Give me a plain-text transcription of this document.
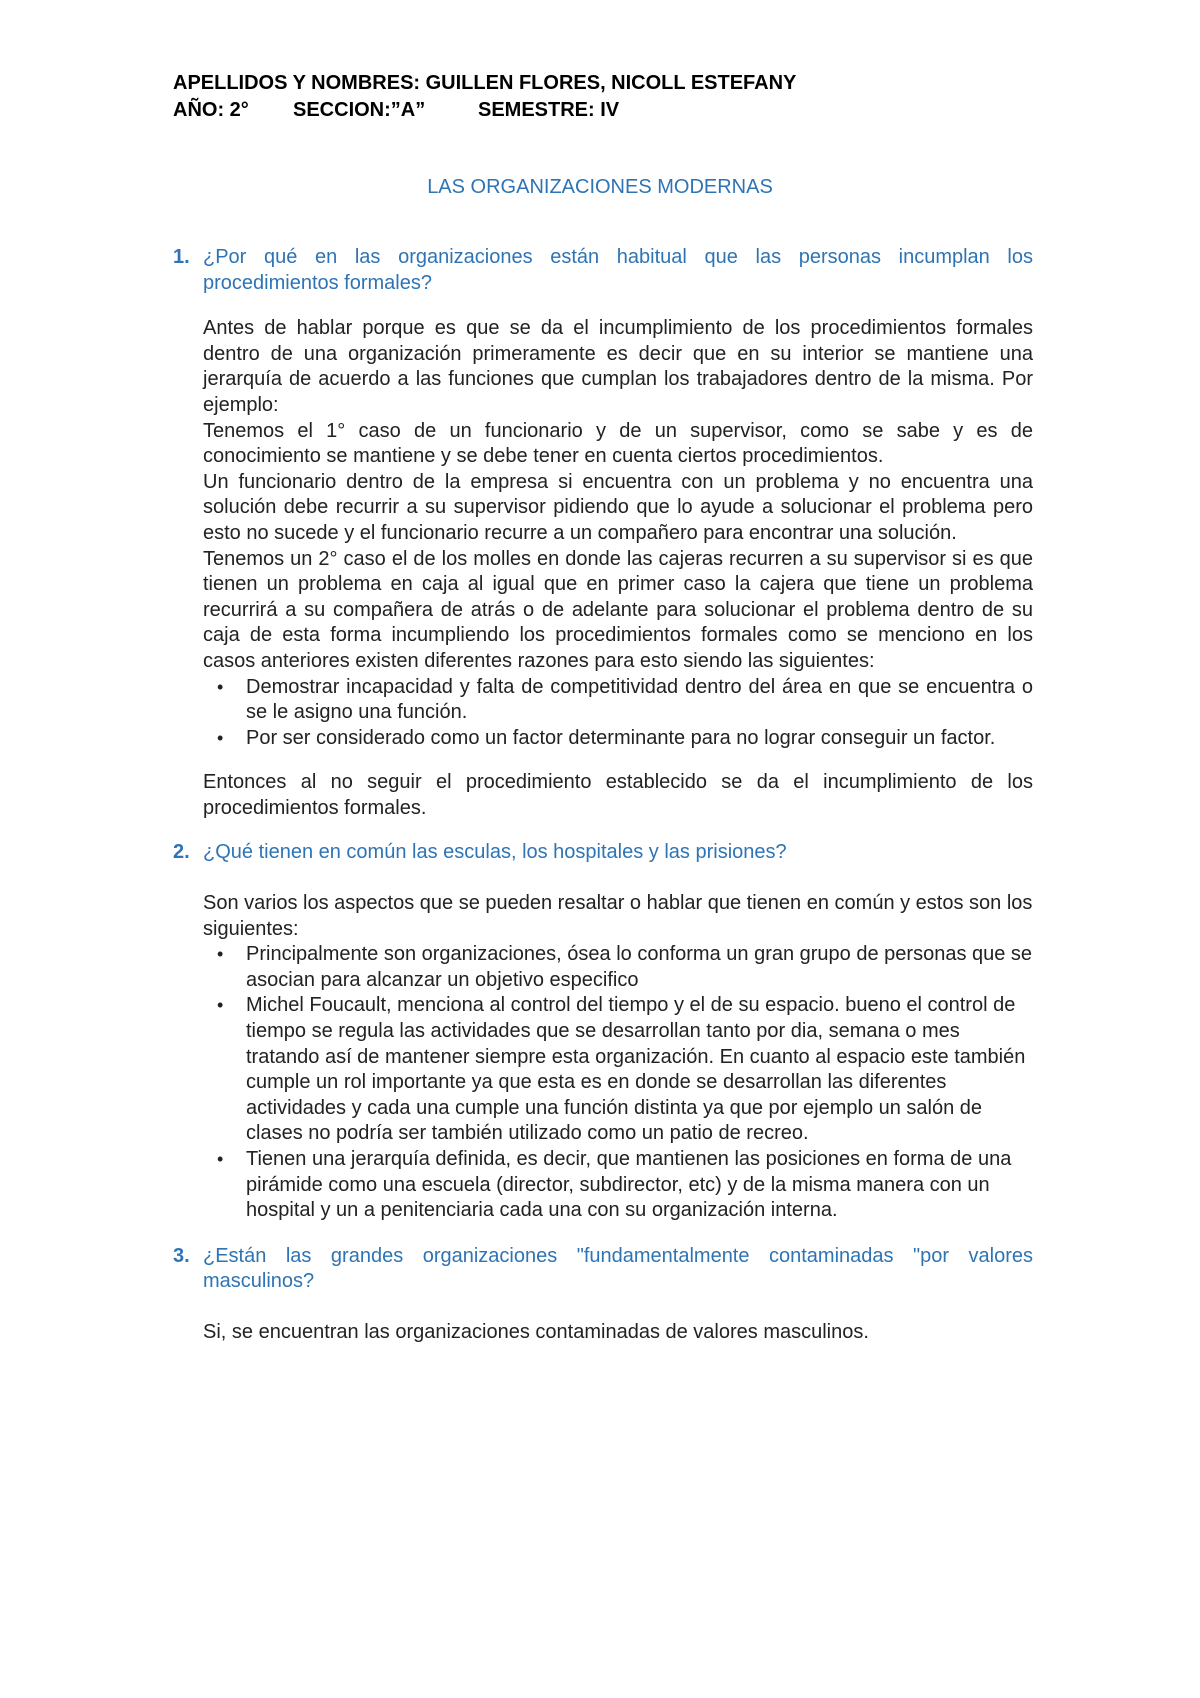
APELLIDOS Y NOMBRES: GUILLEN FLORES, NICOLL ESTEFANY
AÑO: 2° SECCION:”A”	SEMESTRE: IV
LAS ORGANIZACIONES MODERNAS
1. ¿Por qué en las organizaciones están habitual que las personas incumplan los procedimientos formales?

Antes de hablar porque es que se da el incumplimiento de los procedimientos formales dentro de una organización primeramente es decir que en su interior se mantiene una jerarquía de acuerdo a las funciones que cumplan los trabajadores dentro de la misma. Por ejemplo:

Tenemos el 1° caso de un funcionario y de un supervisor, como se sabe y es de conocimiento se mantiene y se debe tener en cuenta ciertos procedimientos.

Un funcionario dentro de la empresa si encuentra con un problema y no encuentra una solución debe recurrir a su supervisor pidiendo que lo ayude a solucionar el problema pero esto no sucede y el funcionario recurre a un compañero para encontrar una solución.

Tenemos un 2° caso el de los molles en donde las cajeras recurren a su supervisor si es que tienen un problema en caja al igual que en primer caso la cajera que tiene un problema recurrirá a su compañera de atrás o de adelante para solucionar el problema dentro de su caja de esta forma incumpliendo los procedimientos formales como se menciono en los casos anteriores existen diferentes razones para esto siendo las siguientes:

• Demostrar incapacidad y falta de competitividad dentro del área en que se encuentra o se le asigno una función.
• Por ser considerado como un factor determinante para no lograr conseguir un factor.

Entonces al no seguir el procedimiento establecido se da el incumplimiento de los procedimientos formales.

2. ¿Qué tienen en común las esculas, los hospitales y las prisiones?

Son varios los aspectos que se pueden resaltar o hablar que tienen en común y estos son los siguientes:

• Principalmente son organizaciones, ósea lo conforma un gran grupo de personas que se asocian para alcanzar un objetivo especifico
• Michel Foucault, menciona al control del tiempo y el de su espacio. bueno el control de tiempo se regula las actividades que se desarrollan tanto por dia, semana o mes tratando así de mantener siempre esta organización. En cuanto al espacio este también cumple un rol importante ya que esta es en donde se desarrollan las diferentes actividades y cada una cumple una función distinta ya que por ejemplo un salón de clases no podría ser también utilizado como un patio de recreo.
• Tienen una jerarquía definida, es decir, que mantienen las posiciones en forma de una pirámide como una escuela (director, subdirector, etc) y de la misma manera con un hospital y un a penitenciaria cada una con su organización interna.
3. ¿Están las grandes organizaciones "fundamentalmente contaminadas "por valores masculinos?

Si, se encuentran las organizaciones contaminadas de valores masculinos.
